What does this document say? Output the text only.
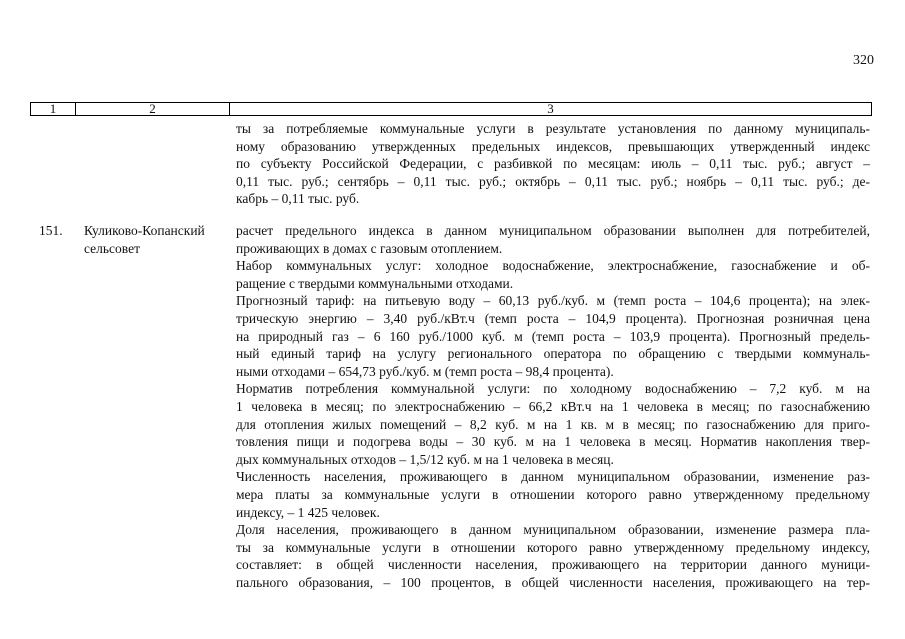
320
1	2	3
ты за потребляемые коммунальные услуги в результате установления по данному муниципаль-
ному образованию утвержденных предельных индексов, превышающих утвержденный индекс
по субъекту Российской Федерации, с разбивкой по месяцам: июль – 0,11 тыс. руб.; август –
0,11 тыс. руб.; сентябрь – 0,11 тыс. руб.; октябрь – 0,11 тыс. руб.; ноябрь – 0,11 тыс. руб.; де-
кабрь – 0,11 тыс. руб.
151. Куликово-Копанский
сельсовет
расчет предельного индекса в данном муниципальном образовании выполнен для потребителей,
проживающих в домах с газовым отоплением.
Набор коммунальных услуг: холодное водоснабжение, электроснабжение, газоснабжение и об-
ращение с твердыми коммунальными отходами.
Прогнозный тариф: на питьевую воду – 60,13 руб./куб. м (темп роста – 104,6 процента); на элек-
трическую энергию – 3,40 руб./кВт.ч (темп роста – 104,9 процента). Прогнозная розничная цена
на природный газ – 6 160 руб./1000 куб. м (темп роста – 103,9 процента). Прогнозный предель-
ный единый тариф на услугу регионального оператора по обращению с твердыми коммуналь-
ными отходами – 654,73 руб./куб. м (темп роста – 98,4 процента).
Норматив потребления коммунальной услуги: по холодному водоснабжению – 7,2 куб. м на
1 человека в месяц; по электроснабжению – 66,2 кВт.ч на 1 человека в месяц; по газоснабжению
для отопления жилых помещений – 8,2 куб. м на 1 кв. м в месяц; по газоснабжению для приго-
товления пищи и подогрева воды – 30 куб. м на 1 человека в месяц. Норматив накопления твер-
дых коммунальных отходов – 1,5/12 куб. м на 1 человека в месяц.
Численность населения, проживающего в данном муниципальном образовании, изменение раз-
мера платы за коммунальные услуги в отношении которого равно утвержденному предельному
индексу, – 1 425 человек.
Доля населения, проживающего в данном муниципальном образовании, изменение размера пла-
ты за коммунальные услуги в отношении которого равно утвержденному предельному индексу,
составляет: в общей численности населения, проживающего на территории данного муници-
пального образования, – 100 процентов, в общей численности населения, проживающего на тер-
